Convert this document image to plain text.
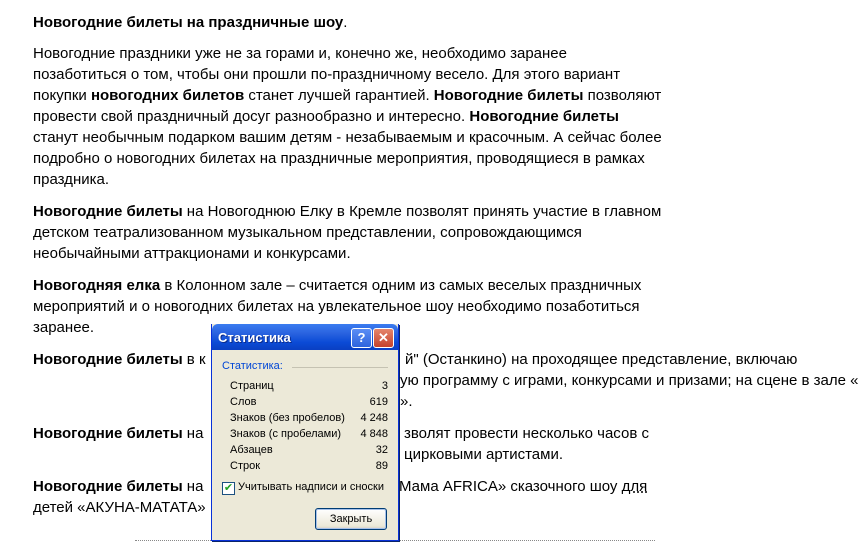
Новогодние билеты на праздничные шоу.

Новогодние праздники уже не за горами и, конечно же, необходимо заранее позаботиться о том, чтобы они прошли по-праздничному весело. Для этого вариант покупки новогодних билетов станет лучшей гарантией. Новогодние билеты позволяют провести свой праздничный досуг разнообразно и интересно. Новогодние билеты станут необычным подарком вашим детям - незабываемым и красочным. А сейчас более подробно о новогодних билетах на праздничные мероприятия, проводящиеся в рамках праздника.

Новогодние билеты на Новогоднюю Елку в Кремле позволят принять участие в главном детском театрализованном музыкальном представлении, сопровождающимся необычайными аттракционами и конкурсами.

Новогодняя елка в Колонном зале – считается одним из самых веселых праздничных мероприятий и о новогодних билетах на увлекательное шоу необходимо позаботиться заранее.

Новогодние билеты в к	й" (Останкино) на проходящее представление, включаю
ую программу с играми, конкурсами и призами; на сцене в зале «
».

Новогодние билеты на	зволят провести несколько часов с цирковыми артистами.

Новогодние билеты на	Мама AFRICA» сказочного шоу для
детей «АКУНА-МАТАТА»

Статистика	? ✕
Статистика:
Страниц	3
Слов	619
Знаков (без пробелов) 4 248
Знаков (с пробелами) 4 848
Абзацев	32
Строк	89
✔ Учитывать надписи и сноски
Закрыть
